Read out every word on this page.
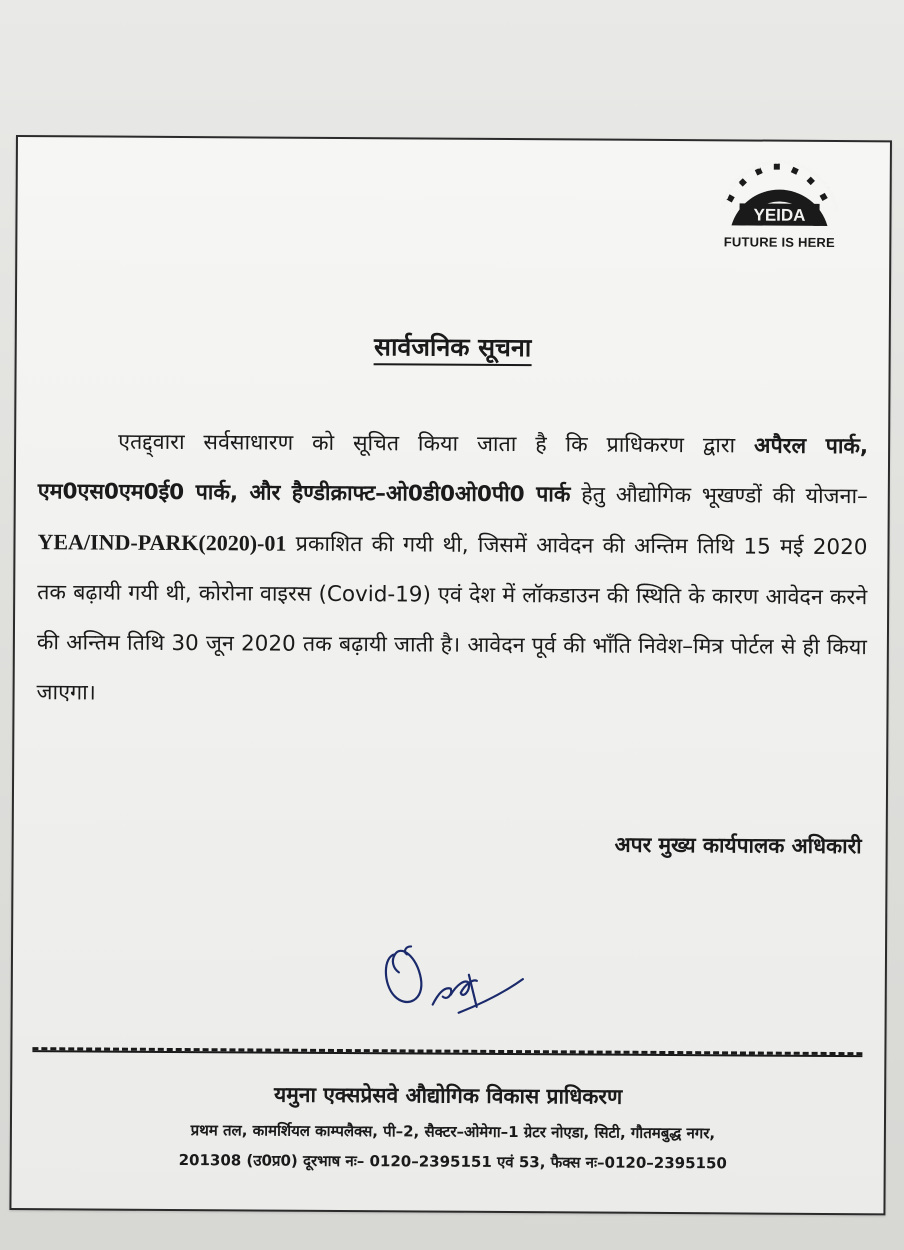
YEIDA
Yamuna Expressway Industrial Development Authority
FUTURE IS HERE
सार्वजनिक सूचना
एतद्द्वारा सर्वसाधारण को सूचित किया जाता है कि प्राधिकरण द्वारा अपैरल पार्क, एम0एस0एम0ई0 पार्क, और हैण्डीक्राफ्ट–ओ0डी0ओ0पी0 पार्क हेतु औद्योगिक भूखण्डों की योजना– YEA/IND-PARK(2020)-01 प्रकाशित की गयी थी, जिसमें आवेदन की अन्तिम तिथि 15 मई 2020 तक बढ़ायी गयी थी, कोरोना वाइरस (Covid-19) एवं देश में लॉकडाउन की स्थिति के कारण आवेदन करने की अन्तिम तिथि 30 जून 2020 तक बढ़ायी जाती है। आवेदन पूर्व की भाँति निवेश–मित्र पोर्टल से ही किया जाएगा।
अपर मुख्य कार्यपालक अधिकारी
यमुना एक्सप्रेसवे औद्योगिक विकास प्राधिकरण
प्रथम तल, कामर्शियल काम्पलैक्स, पी–2, सैक्टर–ओमेगा–1 ग्रेटर नोएडा, सिटी, गौतमबुद्ध नगर,
201308 (उ0प्र0) दूरभाष नः– 0120–2395151 एवं 53, फैक्स नः–0120–2395150
